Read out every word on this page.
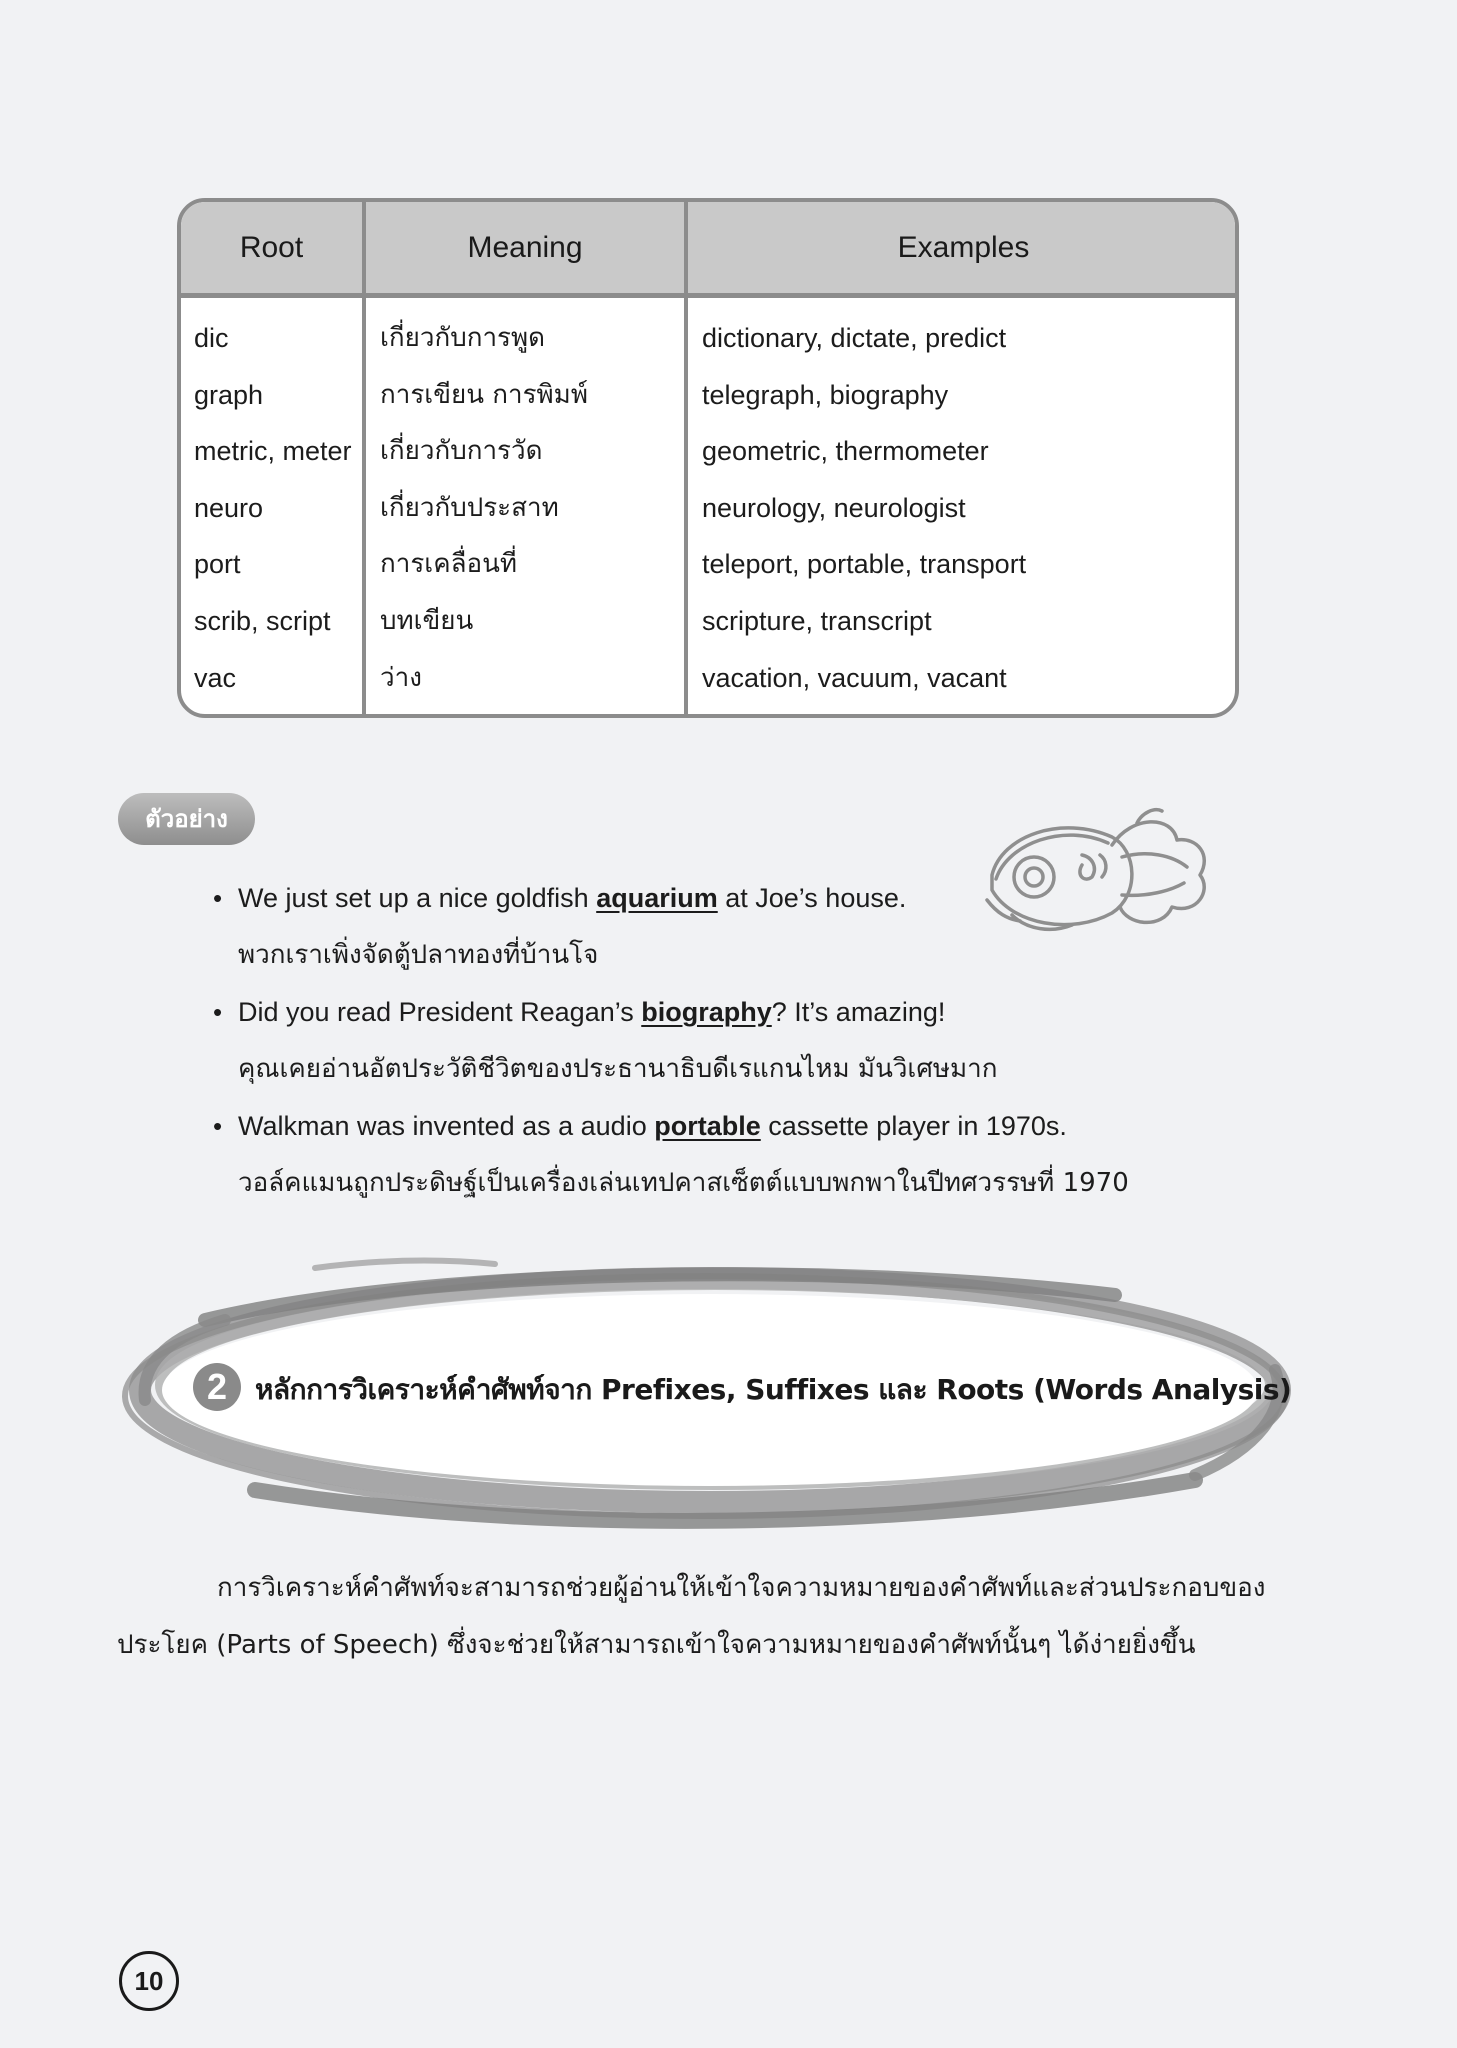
Root	Meaning	Examples
dic	เกี่ยวกับการพูด	dictionary, dictate, predict
graph	การเขียน การพิมพ์	telegraph, biography
metric, meter เกี่ยวกับการวัด	geometric, thermometer
neuro	เกี่ยวกับประสาท	neurology, neurologist
port	การเคลื่อนที่	teleport, portable, transport
scrib, script บทเขียน	scripture, transcript
vac	ว่าง	vacation, vacuum, vacant
ตัวอย่าง
• We just set up a nice goldfish aquarium at Joe’s house.
พวกเราเพิ่งจัดตู้ปลาทองที่บ้านโจ
• Did you read President Reagan’s biography? It’s amazing!
คุณเคยอ่านอัตประวัติชีวิตของประธานาธิบดีเรแกนไหม มันวิเศษมาก
• Walkman was invented as a audio portable cassette player in 1970s.
วอล์คแมนถูกประดิษฐ์เป็นเครื่องเล่นเทปคาสเซ็ตต์แบบพกพาในปีทศวรรษที่ 1970
2 หลักการวิเคราะห์คำศัพท์จาก Prefixes, Suffixes และ Roots (Words Analysis)
การวิเคราะห์คำศัพท์จะสามารถช่วยผู้อ่านให้เข้าใจความหมายของคำศัพท์และส่วนประกอบของ
ประโยค (Parts of Speech) ซึ่งจะช่วยให้สามารถเข้าใจความหมายของคำศัพท์นั้นๆ ได้ง่ายยิ่งขึ้น
10
